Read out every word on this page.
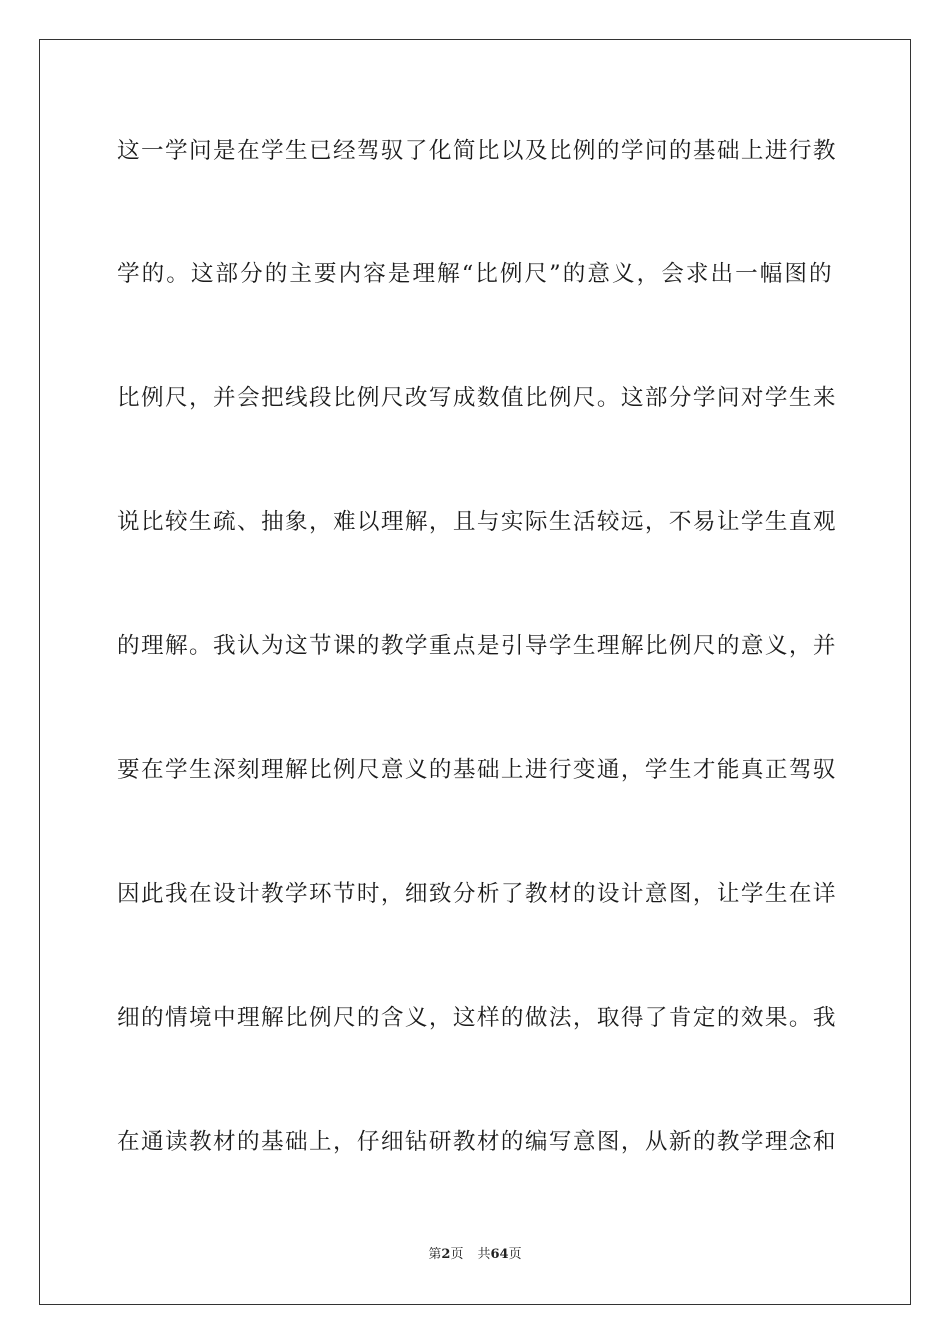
这一学问是在学生已经驾驭了化简比以及比例的学问的基础上进行教
学的。这部分的主要内容是理解“比例尺”的意义，会求出一幅图的
比例尺，并会把线段比例尺改写成数值比例尺。这部分学问对学生来
说比较生疏、抽象，难以理解，且与实际生活较远，不易让学生直观
的理解。我认为这节课的教学重点是引导学生理解比例尺的意义，并
要在学生深刻理解比例尺意义的基础上进行变通，学生才能真正驾驭
因此我在设计教学环节时，细致分析了教材的设计意图，让学生在详
细的情境中理解比例尺的含义，这样的做法，取得了肯定的效果。我
在通读教材的基础上，仔细钻研教材的编写意图，从新的教学理念和
第2页 共64页
